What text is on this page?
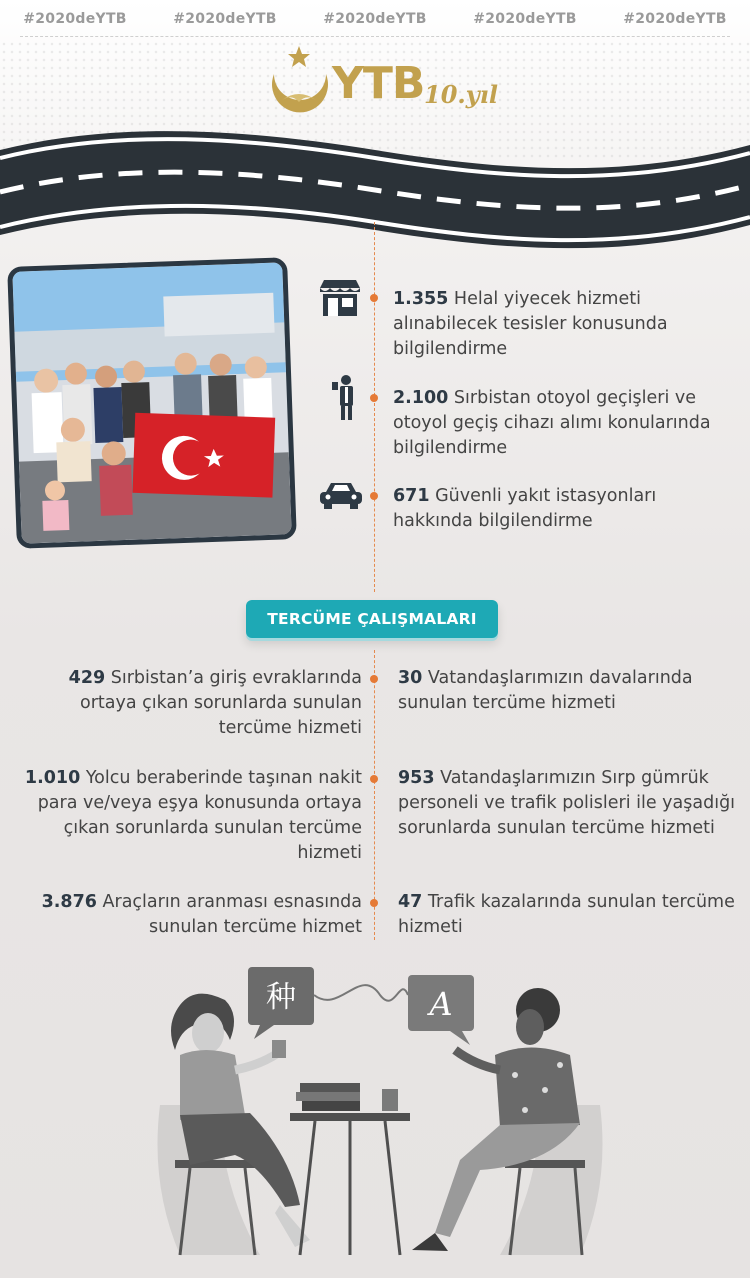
#2020deYTB	#2020deYTB	#2020deYTB	#2020deYTB	#2020deYTB
YTB 10.yıl
1.355 Helal yiyecek hizmeti alınabilecek tesisler konusunda bilgilendirme
2.100 Sırbistan otoyol geçişleri ve otoyol geçiş cihazı alımı konularında bilgilendirme
671 Güvenli yakıt istasyonları hakkında bilgilendirme
TERCÜME ÇALIŞMALARI
429 Sırbistan’a giriş evraklarında ortaya çıkan sorunlarda sunulan tercüme hizmeti
30 Vatandaşlarımızın davalarında sunulan tercüme hizmeti
1.010 Yolcu beraberinde taşınan nakit para ve/veya eşya konusunda ortaya çıkan sorunlarda sunulan tercüme hizmeti
953 Vatandaşlarımızın Sırp gümrük personeli ve trafik polisleri ile yaşadığı sorunlarda sunulan tercüme hizmeti
3.876 Araçların aranması esnasında sunulan tercüme hizmet
47 Trafik kazalarında sunulan tercüme hizmeti
种	A
